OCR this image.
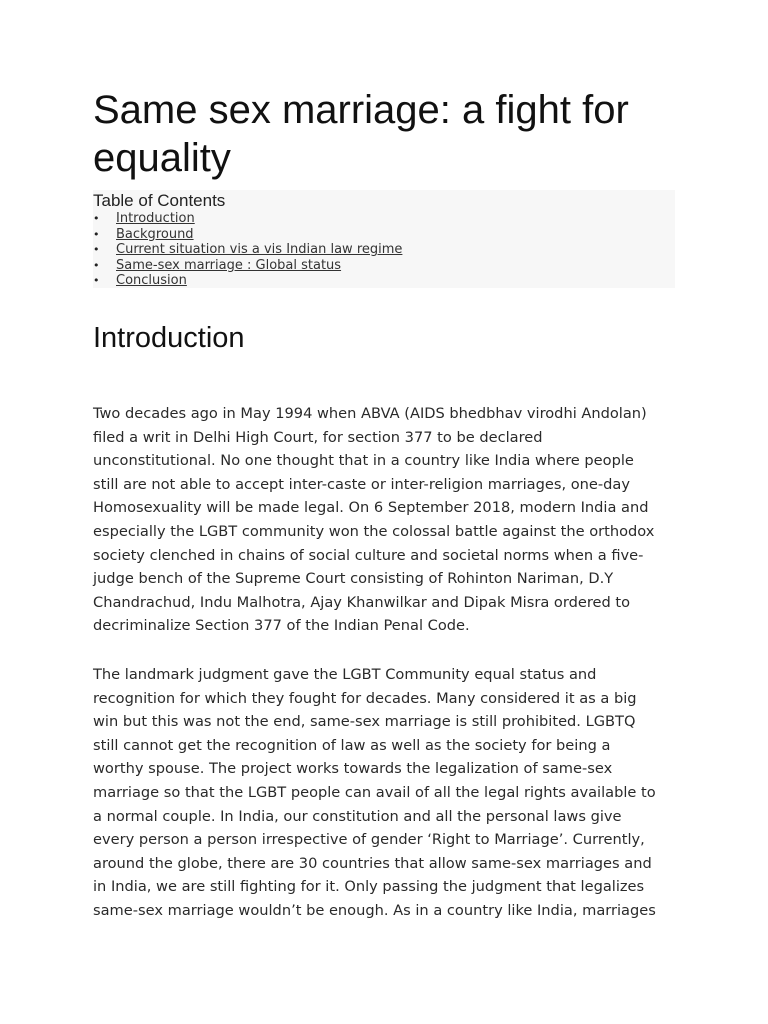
Same sex marriage: a fight for equality
Table of Contents
• Introduction
• Background
• Current situation vis a vis Indian law regime
• Same-sex marriage : Global status
• Conclusion
Introduction

Two decades ago in May 1994 when ABVA (AIDS bhedbhav virodhi Andolan)
filed a writ in Delhi High Court, for section 377 to be declared
unconstitutional. No one thought that in a country like India where people
still are not able to accept inter-caste or inter-religion marriages, one-day
Homosexuality will be made legal. On 6 September 2018, modern India and
especially the LGBT community won the colossal battle against the orthodox
society clenched in chains of social culture and societal norms when a five-
judge bench of the Supreme Court consisting of Rohinton Nariman, D.Y
Chandrachud, Indu Malhotra, Ajay Khanwilkar and Dipak Misra ordered to
decriminalize Section 377 of the Indian Penal Code.

The landmark judgment gave the LGBT Community equal status and
recognition for which they fought for decades. Many considered it as a big
win but this was not the end, same-sex marriage is still prohibited. LGBTQ
still cannot get the recognition of law as well as the society for being a
worthy spouse. The project works towards the legalization of same-sex
marriage so that the LGBT people can avail of all the legal rights available to
a normal couple. In India, our constitution and all the personal laws give
every person a person irrespective of gender ‘Right to Marriage’. Currently,
around the globe, there are 30 countries that allow same-sex marriages and
in India, we are still fighting for it. Only passing the judgment that legalizes
same-sex marriage wouldn’t be enough. As in a country like India, marriages
